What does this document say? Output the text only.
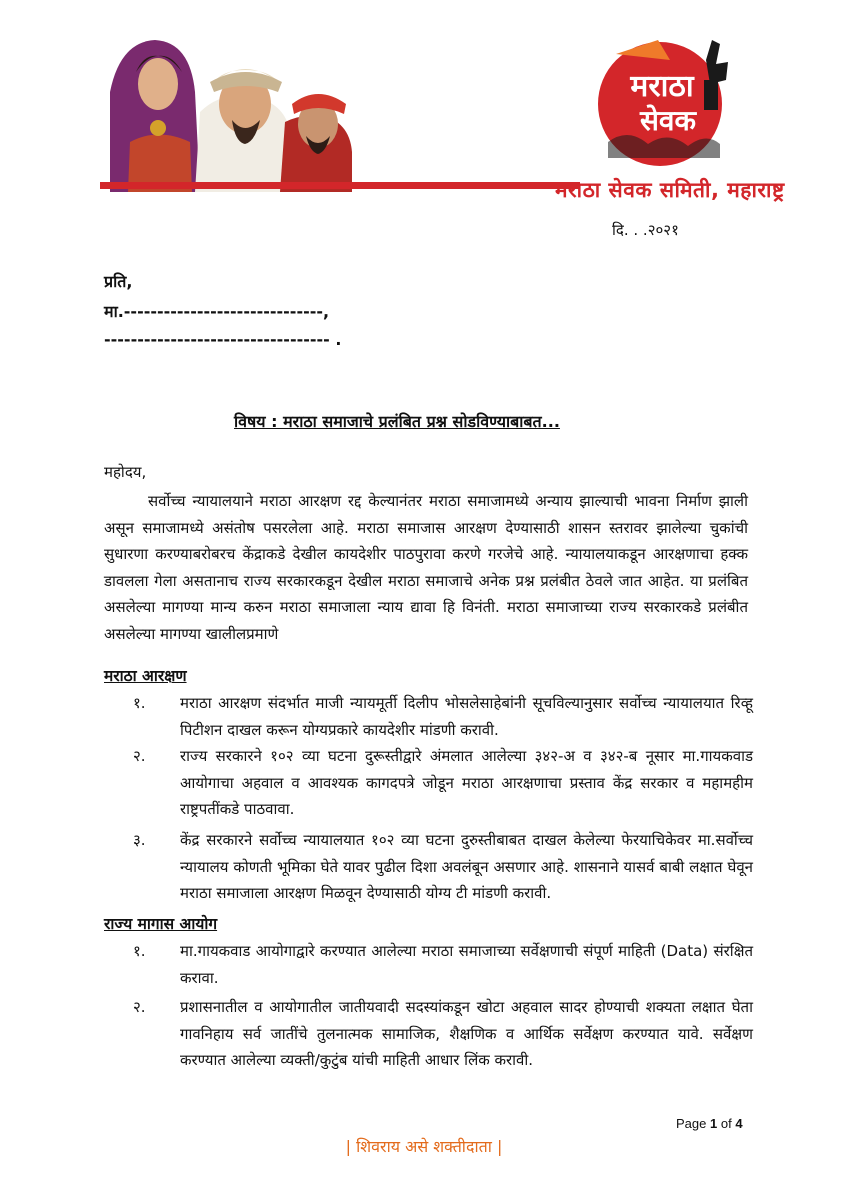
मराठा
सेवक
मराठा सेवक समिती, महाराष्ट्र
दि. . .२०२१
प्रति,
मा.------------------------------,
---------------------------------- .
विषय : मराठा समाजाचे प्रलंबित प्रश्न सोडविण्याबाबत...
महोदय,
सर्वोच्च न्यायालयाने मराठा आरक्षण रद्द केल्यानंतर मराठा समाजामध्ये अन्याय झाल्याची भावना निर्माण झाली असून समाजामध्ये असंतोष पसरलेला आहे. मराठा समाजास आरक्षण देण्यासाठी शासन स्तरावर झालेल्या चुकांची सुधारणा करण्याबरोबरच केंद्राकडे देखील कायदेशीर पाठपुरावा करणे गरजेचे आहे. न्यायालयाकडून आरक्षणाचा हक्क डावलला गेला असतानाच राज्य सरकारकडून देखील मराठा समाजाचे अनेक प्रश्न प्रलंबीत ठेवले जात आहेत. या प्रलंबित असलेल्या मागण्या मान्य करुन मराठा समाजाला न्याय द्यावा हि विनंती. मराठा समाजाच्या राज्य सरकारकडे प्रलंबीत असलेल्या मागण्या खालीलप्रमाणे
मराठा आरक्षण
१.	मराठा आरक्षण संदर्भात माजी न्यायमूर्ती दिलीप भोसलेसाहेबांनी सूचविल्यानुसार सर्वोच्च न्यायालयात रिव्हू पिटीशन दाखल करून योग्यप्रकारे कायदेशीर मांडणी करावी.
२.	राज्य सरकारने १०२ व्या घटना दुरूस्तीद्वारे अंमलात आलेल्या ३४२-अ व ३४२-ब नूसार मा.गायकवाड आयोगाचा अहवाल व आवश्यक कागदपत्रे जोडून मराठा आरक्षणाचा प्रस्ताव केंद्र सरकार व महामहीम राष्ट्रपतींकडे पाठवावा.
३.	केंद्र सरकारने सर्वोच्च न्यायालयात १०२ व्या घटना दुरुस्तीबाबत दाखल केलेल्या फेरयाचिकेवर मा.सर्वोच्च न्यायालय कोणती भूमिका घेते यावर पुढील दिशा अवलंबून असणार आहे. शासनाने यासर्व बाबी लक्षात घेवून मराठा समाजाला आरक्षण मिळवून देण्यासाठी योग्य टी मांडणी करावी.
राज्य मागास आयोग
१.	मा.गायकवाड आयोगाद्वारे करण्यात आलेल्या मराठा समाजाच्या सर्वेक्षणाची संपूर्ण माहिती (Data) संरक्षित करावा.
२.	प्रशासनातील व आयोगातील जातीयवादी सदस्यांकडून खोटा अहवाल सादर होण्याची शक्यता लक्षात घेता गावनिहाय सर्व जातींचे तुलनात्मक सामाजिक, शैक्षणिक व आर्थिक सर्वेक्षण करण्यात यावे. सर्वेक्षण करण्यात आलेल्या व्यक्ती/कुटुंब यांची माहिती आधार लिंक करावी.
Page 1 of 4
| शिवराय असे शक्तीदाता |
